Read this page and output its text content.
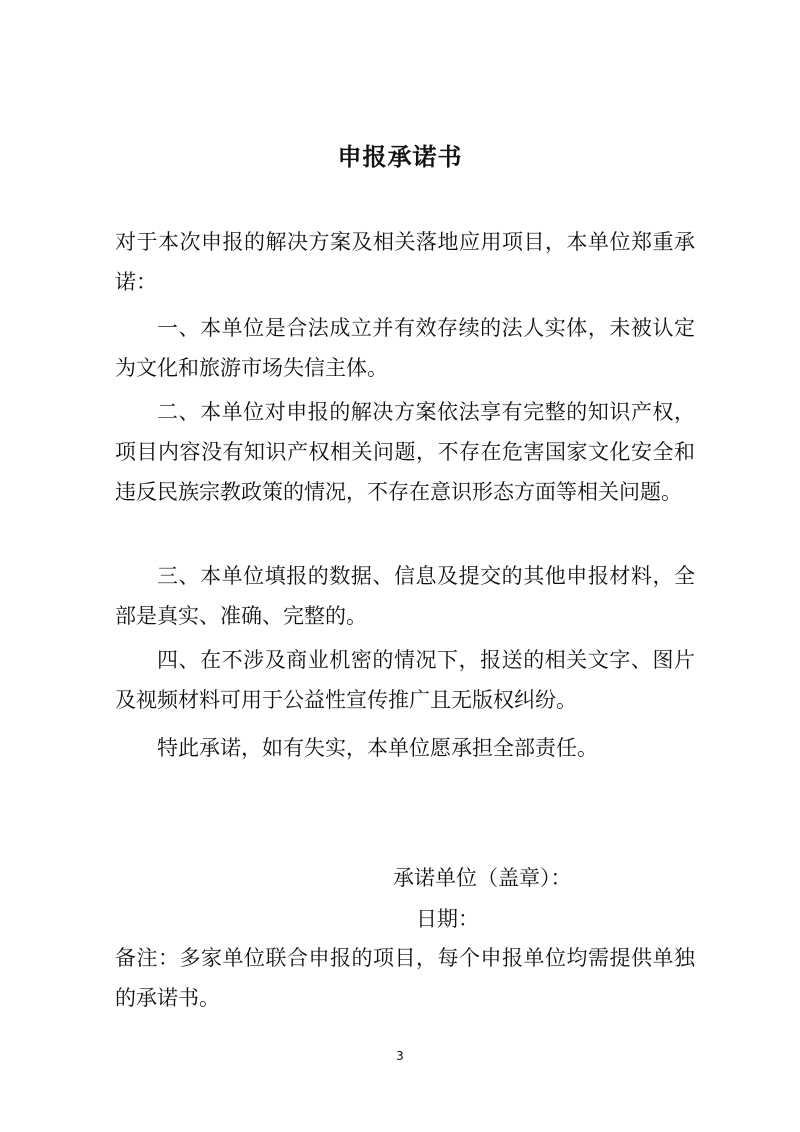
申报承诺书

对于本次申报的解决方案及相关落地应用项目，本单位郑重承诺：

一、本单位是合法成立并有效存续的法人实体，未被认定为文化和旅游市场失信主体。

二、本单位对申报的解决方案依法享有完整的知识产权，项目内容没有知识产权相关问题，不存在危害国家文化安全和违反民族宗教政策的情况，不存在意识形态方面等相关问题。

三、本单位填报的数据、信息及提交的其他申报材料，全部是真实、准确、完整的。

四、在不涉及商业机密的情况下，报送的相关文字、图片及视频材料可用于公益性宣传推广且无版权纠纷。

特此承诺，如有失实，本单位愿承担全部责任。

承诺单位（盖章）：
日期：

备注：多家单位联合申报的项目，每个申报单位均需提供单独的承诺书。

3
